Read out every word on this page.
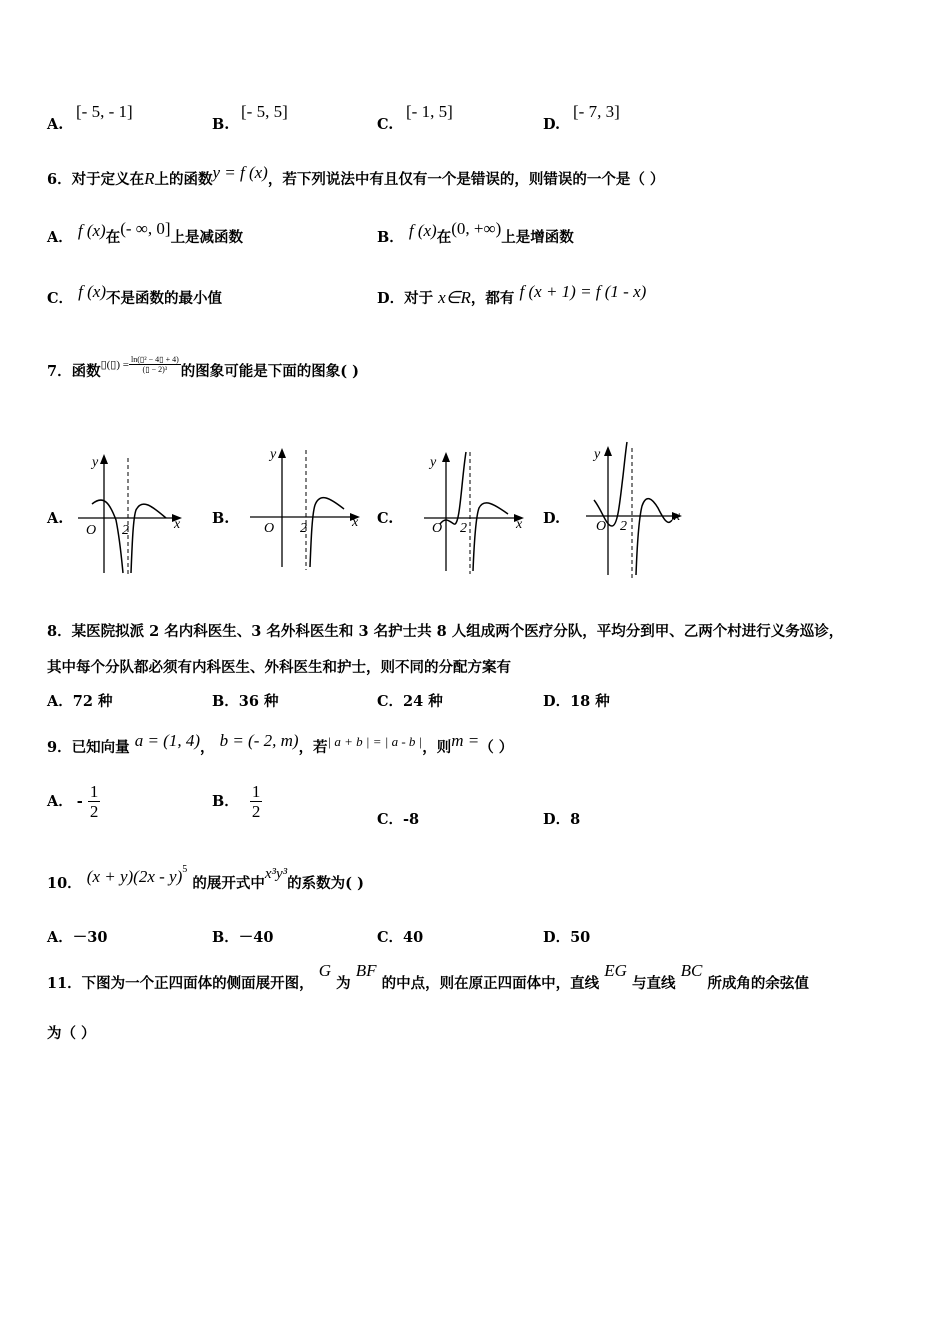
A.
[- 5, - 1]
B.
[- 5, 5]
C.
[- 1, 5]
D.
[- 7, 3]
6．对于定义在R上的函数y = f (x)，若下列说法中有且仅有一个是错误的，则错误的一个是（ ）
A． f (x)在(- ∞, 0]上是减函数	B． f (x)在(0, +∞)上是增函数
C． f (x)不是函数的最小值	D．对于 x∈R，都有 f (x + 1) = f (1 - x)
7．函数▯(▯) = $\frac{\text{ln(▯² − 4▯ + 4)}}{\text{(▯ − 2)³}}$ 的图象可能是下面的图象( )
A.	B.	C.	D.
y
x
O 2
y
x
O 2
y
x
O 2
y
x
O 2
8．某医院拟派 2 名内科医生、3 名外科医生和 3 名护士共 8 人组成两个医疗分队，平均分到甲、乙两个村进行义务巡诊，
其中每个分队都必须有内科医生、外科医生和护士，则不同的分配方案有
A．72 种	B．36 种	C．24 种	D．18 种
9．已知向量 a = (1, 4)， b = (- 2, m)，若$^{| a + b | = | a - b |}$，则m =（ ）
A． - $\frac{1}{2}$	B． $\frac{1}{2}$	C．-8	D．8
10． (x + y)(2x - y)$^5$ 的展开式中x³y³的系数为( )
A．－30	B．－40	C．40	D．50
11．下图为一个正四面体的侧面展开图， G 为 BF 的中点，则在原正四面体中，直线 EG 与直线 BC 所成角的余弦值
为（ ）
